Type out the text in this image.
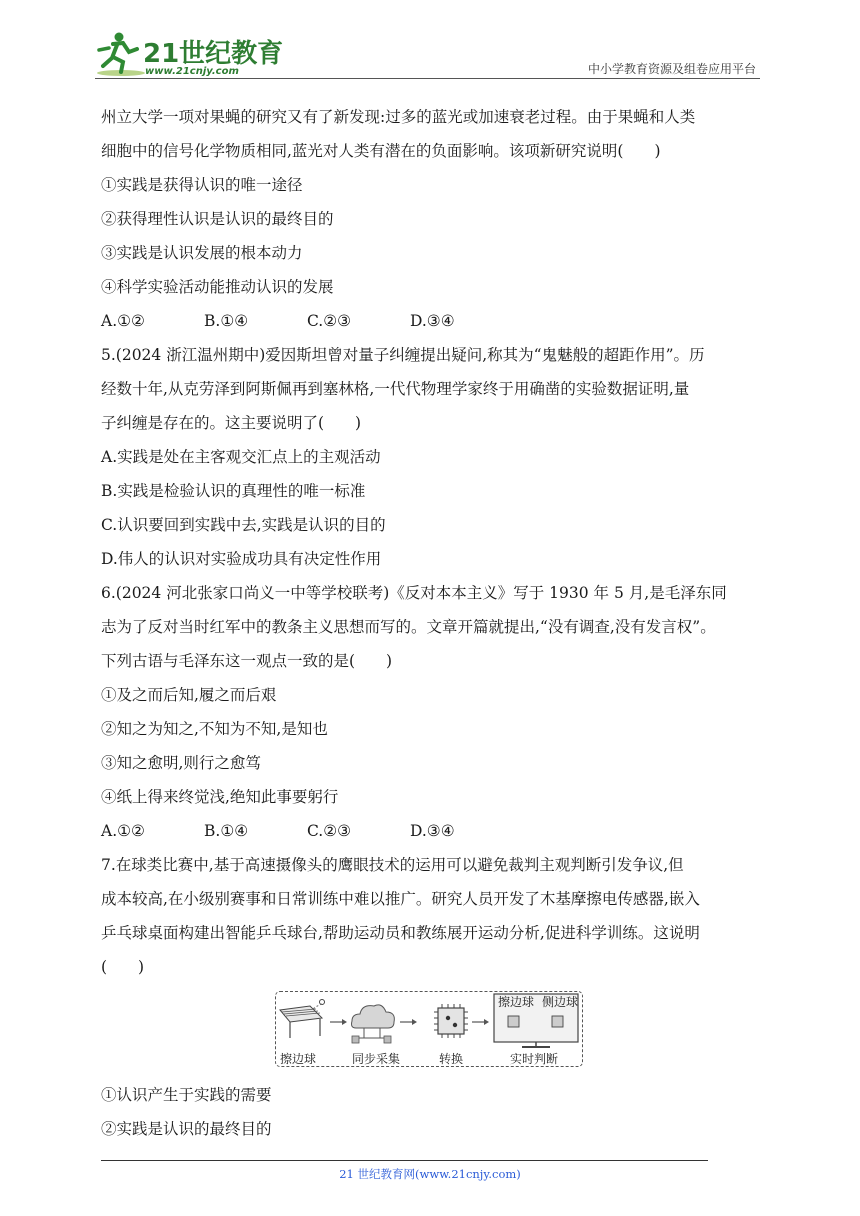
21世纪教育
www.21cnjy.com	中小学教育资源及组卷应用平台
州立大学一项对果蝇的研究又有了新发现:过多的蓝光或加速衰老过程。由于果蝇和人类
细胞中的信号化学物质相同,蓝光对人类有潜在的负面影响。该项新研究说明(　　)
①实践是获得认识的唯一途径
②获得理性认识是认识的最终目的
③实践是认识发展的根本动力
④科学实验活动能推动认识的发展
A.①②	B.①④	C.②③	D.③④
5.(2024 浙江温州期中)爱因斯坦曾对量子纠缠提出疑问,称其为“鬼魅般的超距作用”。历
经数十年,从克劳泽到阿斯佩再到塞林格,一代代物理学家终于用确凿的实验数据证明,量
子纠缠是存在的。这主要说明了(　　)
A.实践是处在主客观交汇点上的主观活动
B.实践是检验认识的真理性的唯一标准
C.认识要回到实践中去,实践是认识的目的
D.伟人的认识对实验成功具有决定性作用
6.(2024 河北张家口尚义一中等学校联考)《反对本本主义》写于 1930 年 5 月,是毛泽东同
志为了反对当时红军中的教条主义思想而写的。文章开篇就提出,“没有调查,没有发言权”。
下列古语与毛泽东这一观点一致的是(　　)
①及之而后知,履之而后艰
②知之为知之,不知为不知,是知也
③知之愈明,则行之愈笃
④纸上得来终觉浅,绝知此事要躬行
A.①②	B.①④	C.②③	D.③④
7.在球类比赛中,基于高速摄像头的鹰眼技术的运用可以避免裁判主观判断引发争议,但
成本较高,在小级别赛事和日常训练中难以推广。研究人员开发了木基摩擦电传感器,嵌入
乒乓球桌面构建出智能乒乓球台,帮助运动员和教练展开运动分析,促进科学训练。这说明
(　　)
擦边球 侧边球
擦边球	同步采集	转换	实时判断
①认识产生于实践的需要
②实践是认识的最终目的
21 世纪教育网(www.21cnjy.com)
